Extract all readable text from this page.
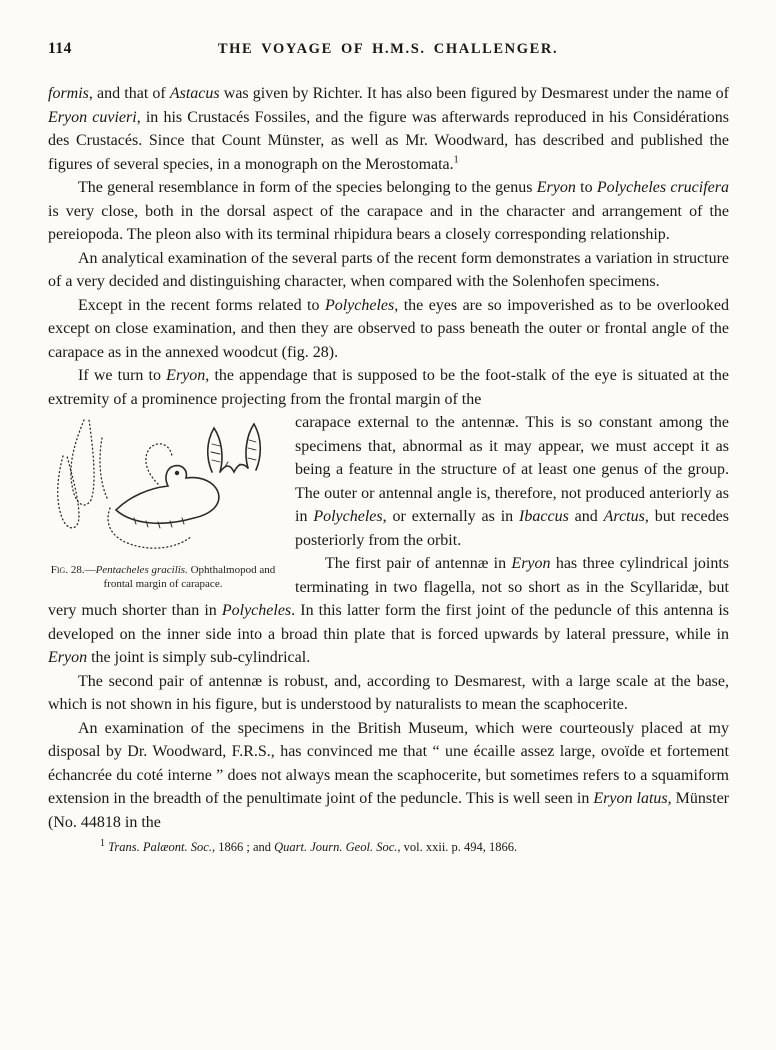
114	THE VOYAGE OF H.M.S. CHALLENGER.

formis, and that of Astacus was given by Richter. It has also been figured by Desmarest under the name of Eryon cuvieri, in his Crustacés Fossiles, and the figure was afterwards reproduced in his Considérations des Crustacés. Since that Count Münster, as well as Mr. Woodward, has described and published the figures of several species, in a monograph on the Merostomata.$^1$

The general resemblance in form of the species belonging to the genus Eryon to Polycheles crucifera is very close, both in the dorsal aspect of the carapace and in the character and arrangement of the pereiopoda. The pleon also with its terminal rhipidura bears a closely corresponding relationship.

An analytical examination of the several parts of the recent form demonstrates a variation in structure of a very decided and distinguishing character, when compared with the Solenhofen specimens.

Except in the recent forms related to Polycheles, the eyes are so impoverished as to be overlooked except on close examination, and then they are observed to pass beneath the outer or frontal angle of the carapace as in the annexed woodcut (fig. 28).

If we turn to Eryon, the appendage that is supposed to be the foot-stalk of the eye is situated at the extremity of a prominence projecting from the frontal margin of the

Fig. 28.—Pentacheles gracilis. Ophthalmopod and frontal margin of carapace.

carapace external to the antennæ. This is so constant among the specimens that, abnormal as it may appear, we must accept it as being a feature in the structure of at least one genus of the group. The outer or antennal angle is, therefore, not produced anteriorly as in Polycheles, or externally as in Ibaccus and Arctus, but recedes posteriorly from the orbit.

The first pair of antennæ in Eryon has three cylindrical joints terminating in two flagella, not so short as in the Scyllaridæ, but very much shorter than in Polycheles. In this latter form the first joint of the peduncle of this antenna is developed on the inner side into a broad thin plate that is forced upwards by lateral pressure, while in Eryon the joint is simply sub-cylindrical.

The second pair of antennæ is robust, and, according to Desmarest, with a large scale at the base, which is not shown in his figure, but is understood by naturalists to mean the scaphocerite.

An examination of the specimens in the British Museum, which were courteously placed at my disposal by Dr. Woodward, F.R.S., has convinced me that “ une écaille assez large, ovoïde et fortement échancrée du coté interne ” does not always mean the scaphocerite, but sometimes refers to a squamiform extension in the breadth of the penultimate joint of the peduncle. This is well seen in Eryon latus, Münster (No. 44818 in the

$^1$ Trans. Palæont. Soc., 1866 ; and Quart. Journ. Geol. Soc., vol. xxii. p. 494, 1866.
